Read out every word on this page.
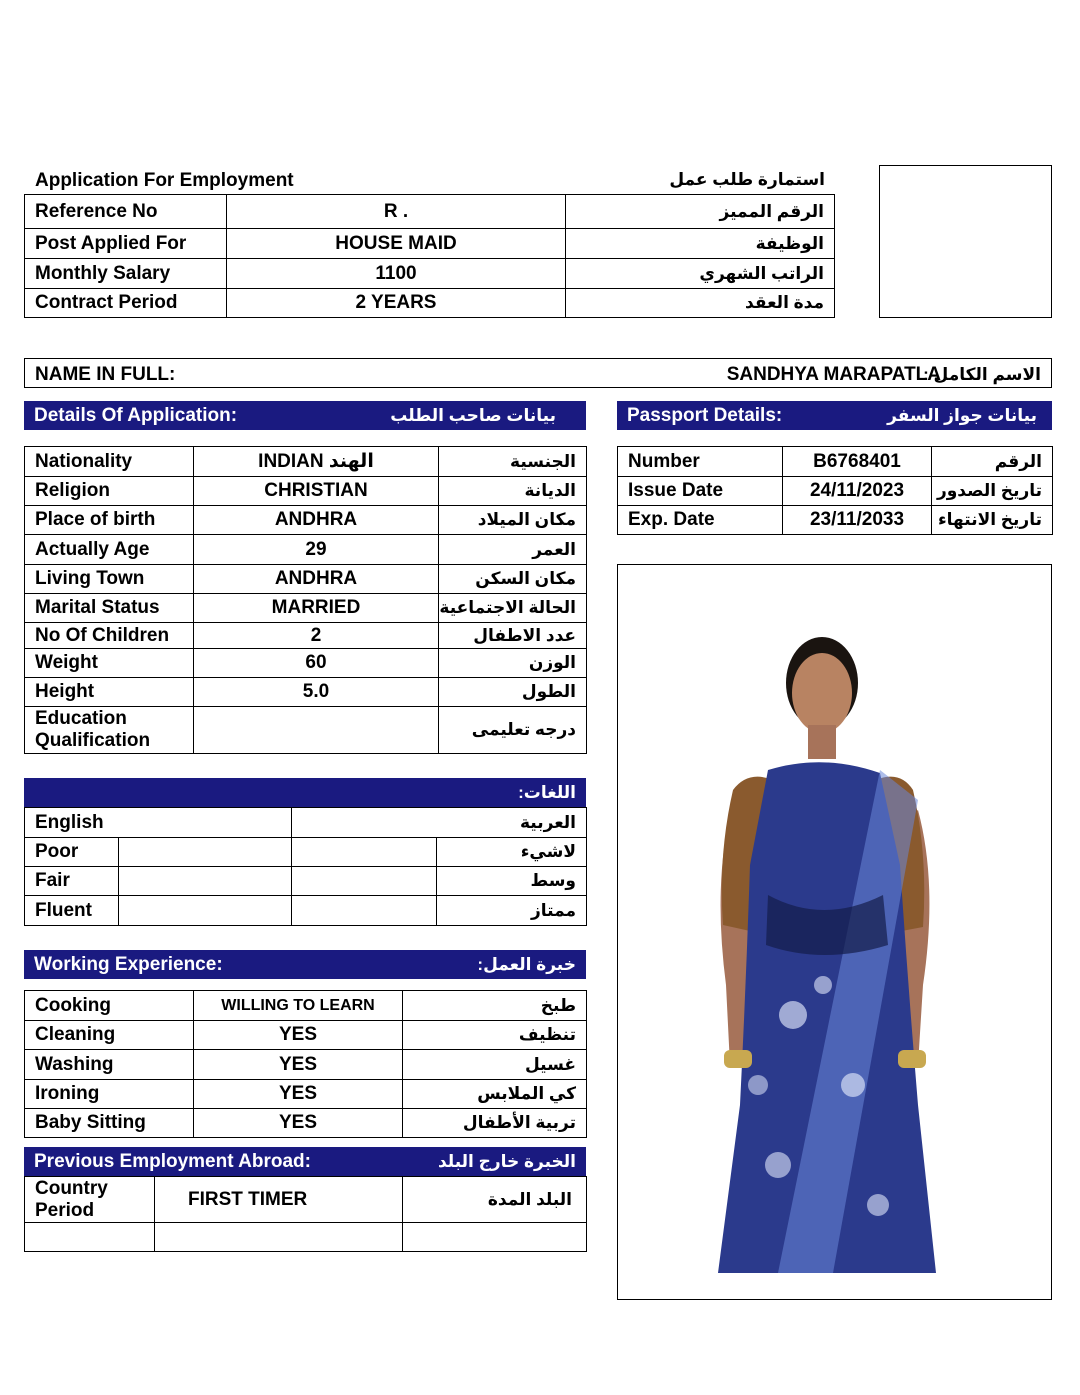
Application For Employment	استمارة طلب عمل
Reference No	R .	الرقم المميز
Post Applied For	HOUSE MAID	الوظيفة
Monthly Salary	1100	الراتب الشهري
Contract Period	2 YEARS	مدة العقد
NAME IN FULL:	SANDHYA MARAPATLA
الاسم الكامل :
Details Of Application:	بيانات صاحب الطلب	Passport Details:	بيانات جواز السفر
Nationality	INDIAN الهند	الجنسية
Religion	CHRISTIAN	الديانة
Place of birth	ANDHRA	مكان الميلاد
Actually Age	29	العمر
Living Town	ANDHRA	مكان السكن
Marital Status	MARRIED	الحالة الاجتماعية
No Of Children	2	عدد الاطفال
Weight	60	الوزن
Height	5.0	الطول
Education Qualification		درجه تعليمى
Number	B6768401	الرقم
Issue Date	24/11/2023	تاريخ الصدور
Exp. Date	23/11/2033	تاريخ الانتهاء
اللغات:
English		العربية	
Poor			لاشيء
Fair			وسط
Fluent			ممتاز
Working Experience:	خبرة العمل:
Cooking	WILLING TO LEARN	طبخ
Cleaning	YES	تنظيف
Washing	YES	غسيل
Ironing	YES	كي الملابس
Baby Sitting	YES	تربية الأطفال
Previous Employment Abroad:	الخبرة خارج البلد
Country Period	FIRST TIMER	البلد المدة
